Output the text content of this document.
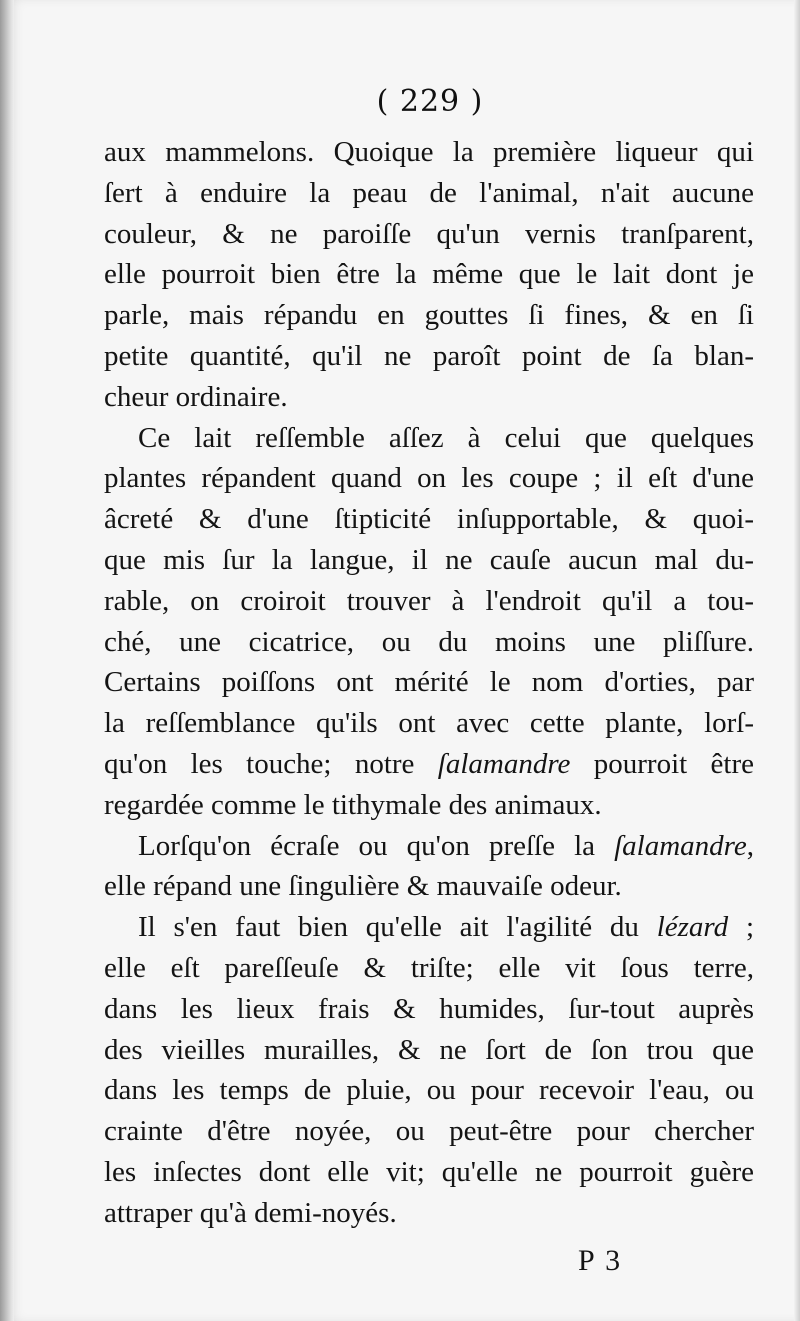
( 229 )
aux mammelons. Quoique la première liqueur qui
ſert à enduire la peau de l'animal, n'ait aucune
couleur, & ne paroiſſe qu'un vernis tranſparent,
elle pourroit bien être la même que le lait dont je
parle, mais répandu en gouttes ſi fines, & en ſi
petite quantité, qu'il ne paroît point de ſa blan-
cheur ordinaire.
Ce lait reſſemble aſſez à celui que quelques
plantes répandent quand on les coupe ; il eſt d'une
âcreté & d'une ſtipticité inſupportable, & quoi-
que mis ſur la langue, il ne cauſe aucun mal du-
rable, on croiroit trouver à l'endroit qu'il a tou-
ché, une cicatrice, ou du moins une pliſſure.
Certains poiſſons ont mérité le nom d'orties, par
la reſſemblance qu'ils ont avec cette plante, lorſ-
qu'on les touche; notre ſalamandre pourroit être
regardée comme le tithymale des animaux.
Lorſqu'on écraſe ou qu'on preſſe la ſalamandre,
elle répand une ſingulière & mauvaiſe odeur.
Il s'en faut bien qu'elle ait l'agilité du lézard ;
elle eſt pareſſeuſe & triſte; elle vit ſous terre,
dans les lieux frais & humides, ſur-tout auprès
des vieilles murailles, & ne ſort de ſon trou que
dans les temps de pluie, ou pour recevoir l'eau, ou
crainte d'être noyée, ou peut-être pour chercher
les inſectes dont elle vit; qu'elle ne pourroit guère
attraper qu'à demi-noyés.
P 3
